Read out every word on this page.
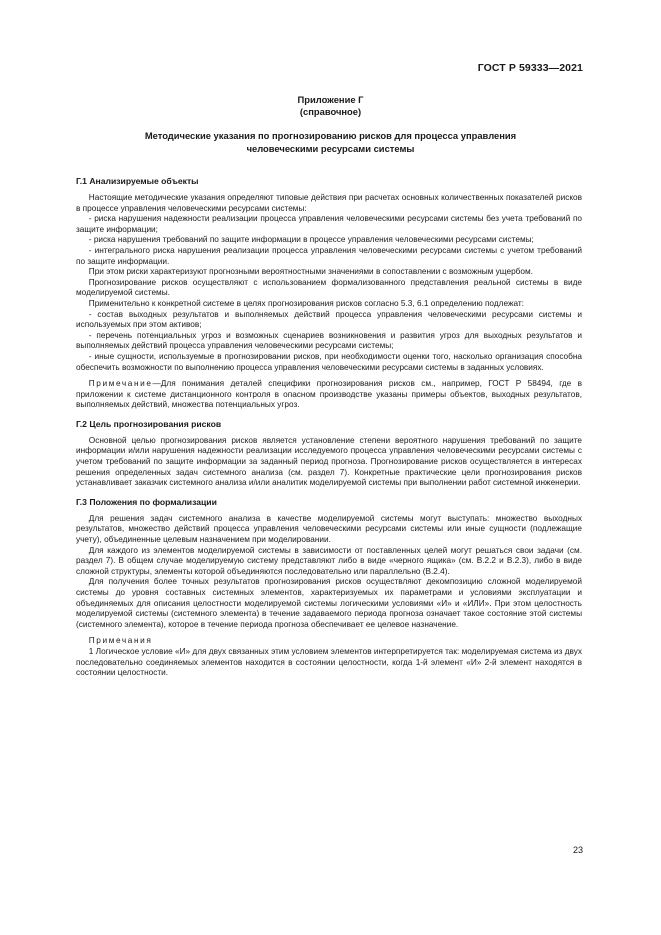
ГОСТ Р 59333—2021
Приложение Г
(справочное)
Методические указания по прогнозированию рисков для процесса управления
человеческими ресурсами системы
Г.1 Анализируемые объекты

Настоящие методические указания определяют типовые действия при расчетах основных количественных показателей рисков в процессе управления человеческими ресурсами системы:

- риска нарушения надежности реализации процесса управления человеческими ресурсами системы без учета требований по защите информации;

- риска нарушения требований по защите информации в процессе управления человеческими ресурсами системы;

- интегрального риска нарушения реализации процесса управления человеческими ресурсами системы с учетом требований по защите информации.

При этом риски характеризуют прогнозными вероятностными значениями в сопоставлении с возможным ущербом.

Прогнозирование рисков осуществляют с использованием формализованного представления реальной системы в виде моделируемой системы.

Применительно к конкретной системе в целях прогнозирования рисков согласно 5.3, 6.1 определению подлежат:

- состав выходных результатов и выполняемых действий процесса управления человеческими ресурсами системы и используемых при этом активов;

- перечень потенциальных угроз и возможных сценариев возникновения и развития угроз для выходных результатов и выполняемых действий процесса управления человеческими ресурсами системы;

- иные сущности, используемые в прогнозировании рисков, при необходимости оценки того, насколько организация способна обеспечить возможности по выполнению процесса управления человеческими ресурсами системы в заданных условиях.

Примечание—Для понимания деталей специфики прогнозирования рисков см., например, ГОСТ Р 58494, где в приложении к системе дистанционного контроля в опасном производстве указаны примеры объектов, выходных результатов, выполняемых действий, множества потенциальных угроз.

Г.2 Цель прогнозирования рисков

Основной целью прогнозирования рисков является установление степени вероятного нарушения требований по защите информации и/или нарушения надежности реализации исследуемого процесса управления человеческими ресурсами системы с учетом требований по защите информации за заданный период прогноза. Прогнозирование рисков осуществляется в интересах решения определенных задач системного анализа (см. раздел 7). Конкретные практические цели прогнозирования рисков устанавливает заказчик системного анализа и/или аналитик моделируемой системы при выполнении работ системной инженерии.

Г.3 Положения по формализации

Для решения задач системного анализа в качестве моделируемой системы могут выступать: множество выходных результатов, множество действий процесса управления человеческими ресурсами системы или иные сущности (подлежащие учету), объединенные целевым назначением при моделировании.

Для каждого из элементов моделируемой системы в зависимости от поставленных целей могут решаться свои задачи (см. раздел 7). В общем случае моделируемую систему представляют либо в виде «черного ящика» (см. В.2.2 и В.2.3), либо в виде сложной структуры, элементы которой объединяются последовательно или параллельно (В.2.4).

Для получения более точных результатов прогнозирования рисков осуществляют декомпозицию сложной моделируемой системы до уровня составных системных элементов, характеризуемых их параметрами и условиями эксплуатации и объединяемых для описания целостности моделируемой системы логическими условиями «И» и «ИЛИ». При этом целостность моделируемой системы (системного элемента) в течение задаваемого периода прогноза означает такое состояние этой системы (системного элемента), которое в течение периода прогноза обеспечивает ее целевое назначение.

Примечания

1 Логическое условие «И» для двух связанных этим условием элементов интерпретируется так: моделируемая система из двух последовательно соединяемых элементов находится в состоянии целостности, когда 1-й элемент «И» 2-й элемент находятся в состоянии целостности.

23
